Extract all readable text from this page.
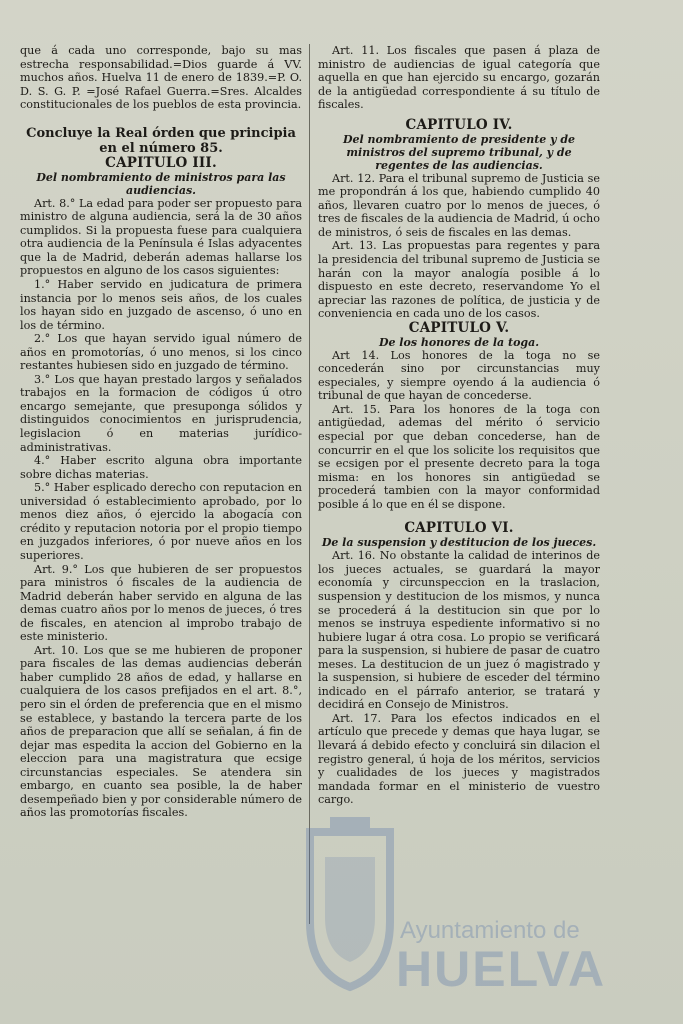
que á cada uno corresponde, bajo su mas estrecha responsabilidad.=Dios guarde á VV. muchos años. Huelva 11 de enero de 1839.=P. O. D. S. G. P. =José Rafael Guerra.=Sres. Alcaldes constitucionales de los pueblos de esta provincia.

Concluye la Real órden que principia en el número 85.

CAPITULO III.

Del nombramiento de ministros para las audiencias.

Art. 8.° La edad para poder ser propuesto para ministro de alguna audiencia, será la de 30 años cumplidos. Si la propuesta fuese para cualquiera otra audiencia de la Península é Islas adyacentes que la de Madrid, deberán ademas hallarse los propuestos en alguno de los casos siguientes:

1.° Haber servido en judicatura de primera instancia por lo menos seis años, de los cuales los hayan sido en juzgado de ascenso, ó uno en los de término.

2.° Los que hayan servido igual número de años en promotorías, ó uno menos, si los cinco restantes hubiesen sido en juzgado de término.

3.° Los que hayan prestado largos y señalados trabajos en la formacion de códigos ú otro encargo semejante, que presuponga sólidos y distinguidos conocimientos en jurisprudencia, legislacion ó en materias jurídico-administrativas.

4.° Haber escrito alguna obra importante sobre dichas materias.

5.° Haber esplicado derecho con reputacion en universidad ó establecimiento aprobado, por lo menos diez años, ó ejercido la abogacía con crédito y reputacion notoria por el propio tiempo en juzgados inferiores, ó por nueve años en los superiores.

Art. 9.° Los que hubieren de ser propuestos para ministros ó fiscales de la audiencia de Madrid deberán haber servido en alguna de las demas cuatro años por lo menos de jueces, ó tres de fiscales, en atencion al improbo trabajo de este ministerio.

Art. 10. Los que se me hubieren de proponer para fiscales de las demas audiencias deberán haber cumplido 28 años de edad, y hallarse en cualquiera de los casos prefijados en el art. 8.°, pero sin el órden de preferencia que en el mismo se establece, y bastando la tercera parte de los años de preparacion que allí se señalan, á fin de dejar mas espedita la accion del Gobierno en la eleccion para una magistratura que ecsige circunstancias especiales. Se atendera sin embargo, en cuanto sea posible, la de haber desempeñado bien y por considerable número de años las promotorías fiscales.

Art. 11. Los fiscales que pasen á plaza de ministro de audiencias de igual categoría que aquella en que han ejercido su encargo, gozarán de la antigüedad correspondiente á su título de fiscales.

CAPITULO IV.

Del nombramiento de presidente y de ministros del supremo tribunal, y de regentes de las audiencias.

Art. 12. Para el tribunal supremo de Justicia se me propondrán á los que, habiendo cumplido 40 años, llevaren cuatro por lo menos de jueces, ó tres de fiscales de la audiencia de Madrid, ú ocho de ministros, ó seis de fiscales en las demas.

Art. 13. Las propuestas para regentes y para la presidencia del tribunal supremo de Justicia se harán con la mayor analogía posible á lo dispuesto en este decreto, reservandome Yo el apreciar las razones de política, de justicia y de conveniencia en cada uno de los casos.

CAPITULO V.

De los honores de la toga.

Art 14. Los honores de la toga no se concederán sino por circunstancias muy especiales, y siempre oyendo á la audiencia ó tribunal de que hayan de concederse.

Art. 15. Para los honores de la toga con antigüedad, ademas del mérito ó servicio especial por que deban concederse, han de concurrir en el que los solicite los requisitos que se ecsigen por el presente decreto para la toga misma: en los honores sin antigüedad se procederá tambien con la mayor conformidad posible á lo que en él se dispone.

CAPITULO VI.

De la suspension y destitucion de los jueces.

Art. 16. No obstante la calidad de interinos de los jueces actuales, se guardará la mayor economía y circunspeccion en la traslacion, suspension y destitucion de los mismos, y nunca se procederá á la destitucion sin que por lo menos se instruya espediente informativo si no hubiere lugar á otra cosa. Lo propio se verificará para la suspension, si hubiere de pasar de cuatro meses. La destitucion de un juez ó magistrado y la suspension, si hubiere de esceder del término indicado en el párrafo anterior, se tratará y decidirá en Consejo de Ministros.

Art. 17. Para los efectos indicados en el artículo que precede y demas que haya lugar, se llevará á debido efecto y concluirá sin dilacion el registro general, ú hoja de los méritos, servicios y cualidades de los jueces y magistrados mandada formar en el ministerio de vuestro cargo.

Ayuntamiento de
HUELVA
